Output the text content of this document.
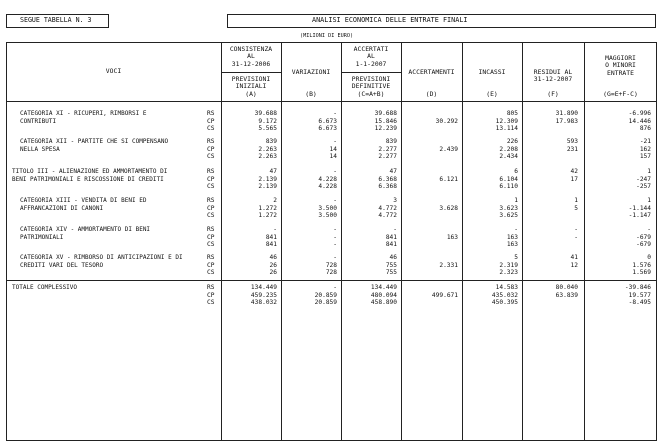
SEGUE TABELLA N. 3	ANALISI ECONOMICA DELLE ENTRATE FINALI
(MILIONI DI EURO)
VOCI
CONSISTENZA
AL
31-12-2006
PREVISIONI
INIZIALI
(A)
VARIAZIONI
(B)
ACCERTATI
AL
1-1-2007
PREVISIONI
DEFINITIVE
(C=A+B)
ACCERTAMENTI
(D)
INCASSI
(E)
RESIDUI AL
31-12-2007
(F)
MAGGIORI
O MINORI
ENTRATE
(G=E+F-C)
CATEGORIA XI - RICUPERI, RIMBORSI E
CONTRIBUTI
RS
CP
CS
39.688
9.172
5.565
-
6.673
6.673
39.688
15.846
12.239

30.292

805
12.309
13.114
31.890
17.983

-6.996
14.446
876
CATEGORIA XII - PARTITE CHE SI COMPENSANO
NELLA SPESA
RS
CP
CS
839
2.263
2.263
-
14
14
839
2.277
2.277

2.439

226
2.208
2.434
593
231

-21
162
157
TITOLO III - ALIENAZIONE ED AMMORTAMENTO DI
BENI PATRIMONIALI E RISCOSSIONE DI CREDITI
RS
CP
CS
47
2.139
2.139
-
4.228
4.228
47
6.368
6.368

6.121

6
6.104
6.110
42
17

1
-247
-257
CATEGORIA XIII - VENDITA DI BENI ED
AFFRANCAZIONI DI CANONI
RS
CP
CS
2
1.272
1.272
-
3.500
3.500
3
4.772
4.772

3.628

1
3.623
3.625
1
5

1
-1.144
-1.147
CATEGORIA XIV - AMMORTAMENTO DI BENI
PATRIMONIALI
RS
CP
CS
-
841
841
-
-
-
-
841
841

163

-
163
163
-
-

-
-679
-679
CATEGORIA XV - RIMBORSO DI ANTICIPAZIONI E DI
CREDITI VARI DEL TESORO
RS
CP
CS
46
26
26
-
728
728
46
755
755

2.331

5
2.319
2.323
41
12

0
1.576
1.569
TOTALE COMPLESSIVO	RS
CP
CS
134.449
459.235
438.032
-
20.859
20.859
134.449
480.094
458.890

499.671

14.583
435.032
450.395
80.040
63.839

-39.846
19.577
-8.495
